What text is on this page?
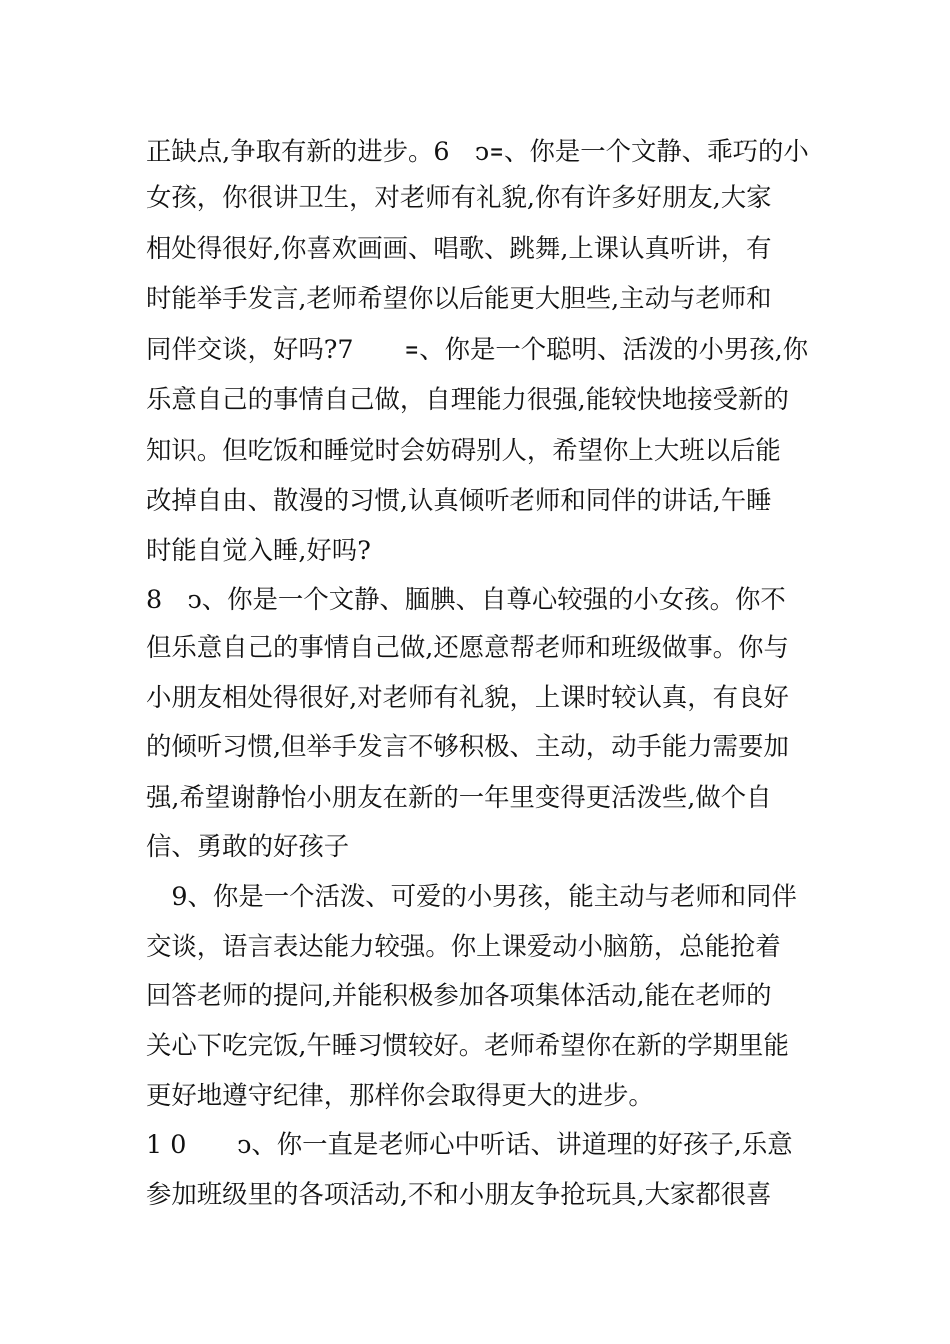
正缺点,争取有新的进步。6　ↄ꓿、你是一个文静、乖巧的小
女孩，你很讲卫生，对老师有礼貌,你有许多好朋友,大家
相处得很好,你喜欢画画、唱歌、跳舞,上课认真听讲，有
时能举手发言,老师希望你以后能更大胆些,主动与老师和
同伴交谈，好吗?7　　꓿、你是一个聪明、活泼的小男孩,你
乐意自己的事情自己做，自理能力很强,能较快地接受新的
知识。但吃饭和睡觉时会妨碍别人，希望你上大班以后能
改掉自由、散漫的习惯,认真倾听老师和同伴的讲话,午睡
时能自觉入睡,好吗?
8　ↄ、你是一个文静、腼腆、自尊心较强的小女孩。你不
但乐意自己的事情自己做,还愿意帮老师和班级做事。你与
小朋友相处得很好,对老师有礼貌，上课时较认真，有良好
的倾听习惯,但举手发言不够积极、主动，动手能力需要加
强,希望谢静怡小朋友在新的一年里变得更活泼些,做个自
信、勇敢的好孩子
　9、你是一个活泼、可爱的小男孩，能主动与老师和同伴
交谈，语言表达能力较强。你上课爱动小脑筋，总能抢着
回答老师的提问,并能积极参加各项集体活动,能在老师的
关心下吃完饭,午睡习惯较好。老师希望你在新的学期里能
更好地遵守纪律，那样你会取得更大的进步。
1 0　　ↄ、你一直是老师心中听话、讲道理的好孩子,乐意
参加班级里的各项活动,不和小朋友争抢玩具,大家都很喜
